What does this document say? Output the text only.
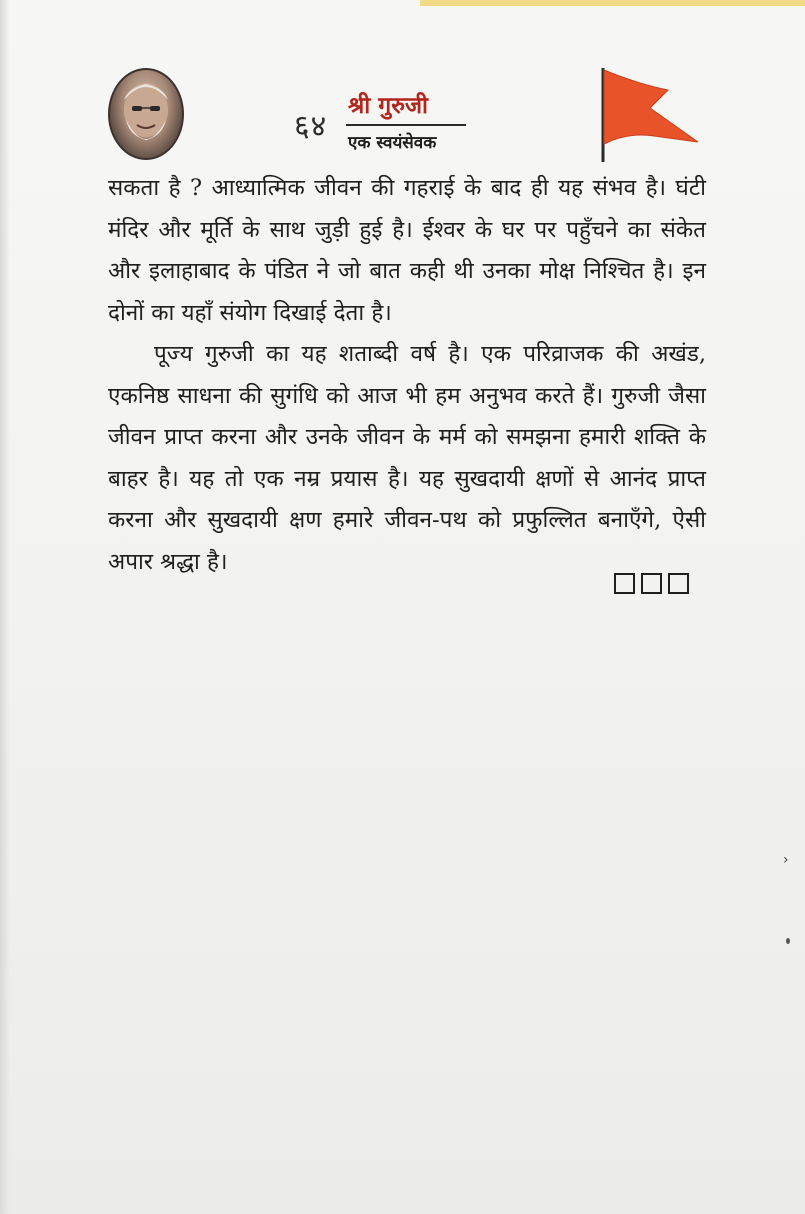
६४
श्री गुरुजी
एक स्वयंसेवक

सकता है ? आध्यात्मिक जीवन की गहराई के बाद ही यह संभव है। घंटी मंदिर और मूर्ति के साथ जुड़ी हुई है। ईश्वर के घर पर पहुँचने का संकेत और इलाहाबाद के पंडित ने जो बात कही थी उनका मोक्ष निश्चित है। इन दोनों का यहाँ संयोग दिखाई देता है।

पूज्य गुरुजी का यह शताब्दी वर्ष है। एक परिव्राजक की अखंड, एकनिष्ठ साधना की सुगंधि को आज भी हम अनुभव करते हैं। गुरुजी जैसा जीवन प्राप्त करना और उनके जीवन के मर्म को समझना हमारी शक्ति के बाहर है। यह तो एक नम्र प्रयास है। यह सुखदायी क्षणों से आनंद प्राप्त करना और सुखदायी क्षण हमारे जीवन-पथ को प्रफुल्लित बनाएँगे, ऐसी अपार श्रद्धा है।

›
